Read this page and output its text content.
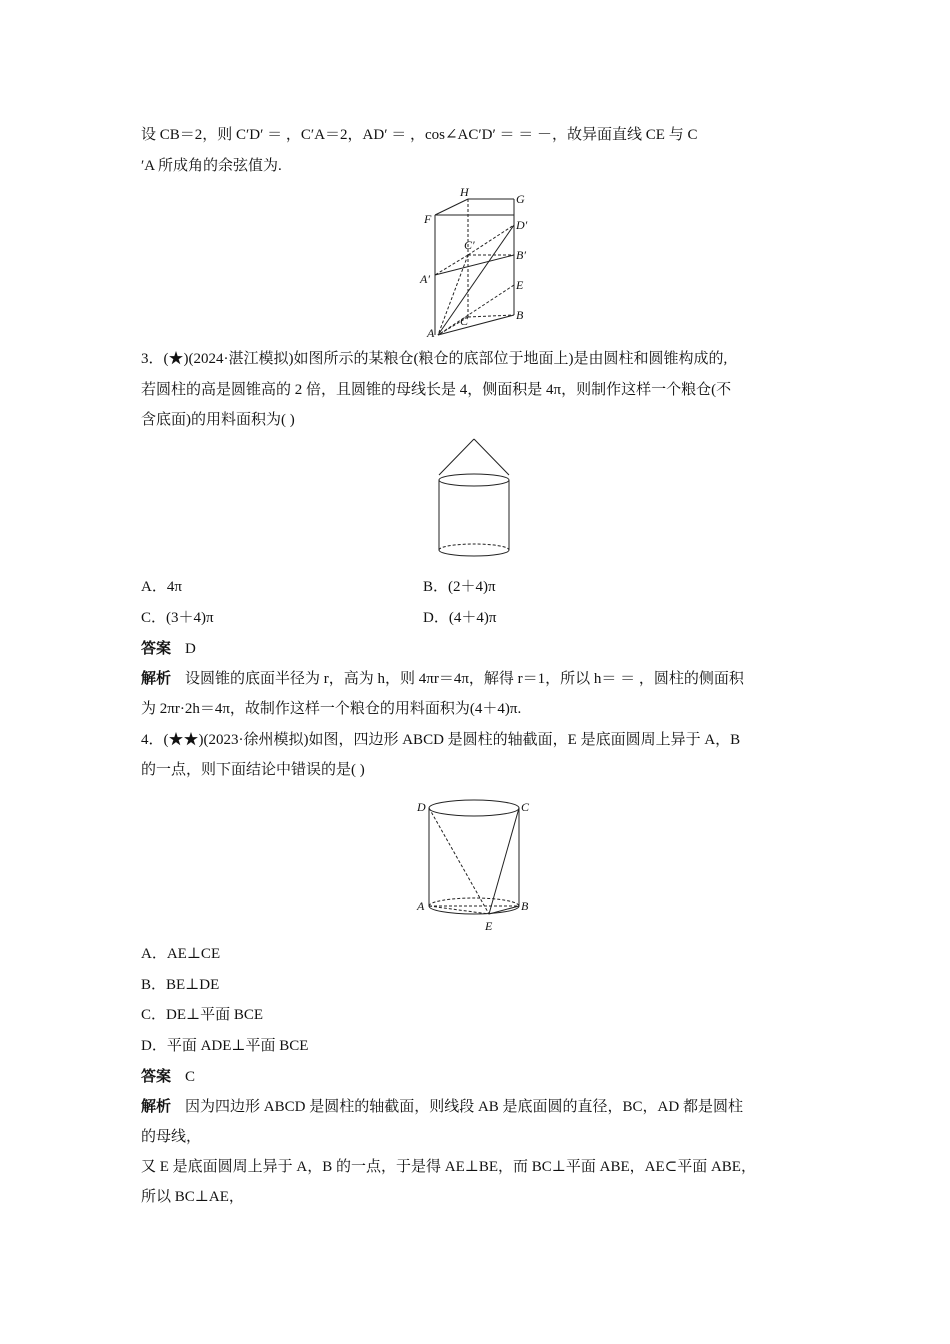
设 CB＝2，则 C′D′ ＝ ，C′A＝2，AD′ ＝ ，cos∠AC′D′ ＝ ＝ －，故异面直线 CE 与 C
′A 所成角的余弦值为.
H	G
F	D′
C′
B′
A′	E
A
C	B
3．(★)(2024·湛江模拟)如图所示的某粮仓(粮仓的底部位于地面上)是由圆柱和圆锥构成的,
若圆柱的高是圆锥高的 2 倍，且圆锥的母线长是 4，侧面积是 4π，则制作这样一个粮仓(不
含底面)的用料面积为( )
A．4π	B．(2＋4)π
C．(3＋4)π	D．(4＋4)π
答案 D
解析 设圆锥的底面半径为 r，高为 h，则 4πr＝4π，解得 r＝1，所以 h＝ ＝ ，圆柱的侧面积
为 2πr·2h＝4π，故制作这样一个粮仓的用料面积为(4＋4)π.
4．(★★)(2023·徐州模拟)如图，四边形 ABCD 是圆柱的轴截面，E 是底面圆周上异于 A，B
的一点，则下面结论中错误的是( )
D	C
A	B
E
A．AE⊥CE
B．BE⊥DE
C．DE⊥平面 BCE
D．平面 ADE⊥平面 BCE
答案 C
解析 因为四边形 ABCD 是圆柱的轴截面，则线段 AB 是底面圆的直径，BC，AD 都是圆柱
的母线，
又 E 是底面圆周上异于 A，B 的一点，于是得 AE⊥BE，而 BC⊥平面 ABE，AE⊂平面 ABE，
所以 BC⊥AE，
